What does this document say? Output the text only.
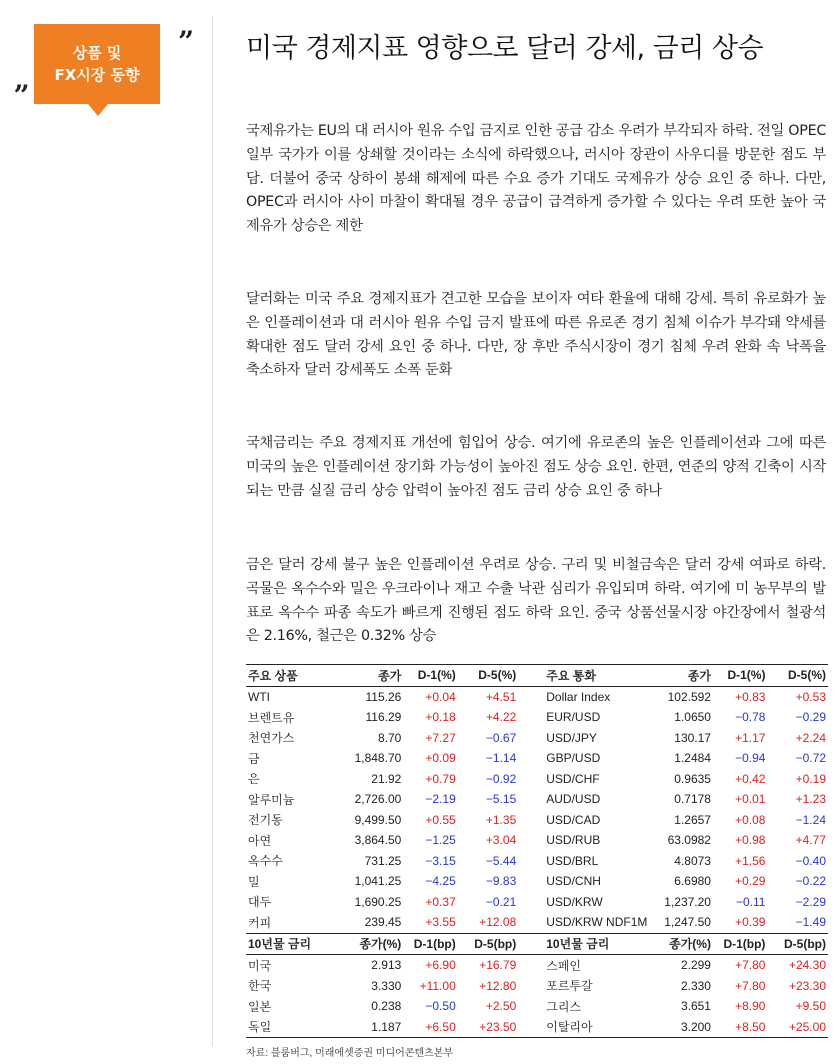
상품 및
FX시장 동향
„
” 미국 경제지표 영향으로 달러 강세, 금리 상승

국제유가는 EU의 대 러시아 원유 수입 금지로 인한 공급 감소 우려가 부각되자 하락. 전일 OPEC 일부 국가가 이를 상쇄할 것이라는 소식에 하락했으나, 러시아 장관이 사우디를 방문한 점도 부담. 더불어 중국 상하이 봉쇄 해제에 따른 수요 증가 기대도 국제유가 상승 요인 중 하나. 다만, OPEC과 러시아 사이 마찰이 확대될 경우 공급이 급격하게 증가할 수 있다는 우려 또한 높아 국제유가 상승은 제한

달러화는 미국 주요 경제지표가 견고한 모습을 보이자 여타 환율에 대해 강세. 특히 유로화가 높은 인플레이션과 대 러시아 원유 수입 금지 발표에 따른 유로존 경기 침체 이슈가 부각돼 약세를 확대한 점도 달러 강세 요인 중 하나. 다만, 장 후반 주식시장이 경기 침체 우려 완화 속 낙폭을 축소하자 달러 강세폭도 소폭 둔화

국채금리는 주요 경제지표 개선에 힘입어 상승. 여기에 유로존의 높은 인플레이션과 그에 따른 미국의 높은 인플레이션 장기화 가능성이 높아진 점도 상승 요인. 한편, 연준의 양적 긴축이 시작되는 만큼 실질 금리 상승 압력이 높아진 점도 금리 상승 요인 중 하나

금은 달러 강세 불구 높은 인플레이션 우려로 상승. 구리 및 비철금속은 달러 강세 여파로 하락. 곡물은 옥수수와 밀은 우크라이나 재고 수출 낙관 심리가 유입되며 하락. 여기에 미 농무부의 발표로 옥수수 파종 속도가 빠르게 진행된 점도 하락 요인. 중국 상품선물시장 야간장에서 철광석은 2.16%, 철근은 0.32% 상승

주요 상품	종가	D-1(%)	D-5(%)	주요 통화	종가	D-1(%)	D-5(%)
WTI	115.26	+0.04	+4.51	Dollar Index	102.592	+0.83	+0.53
브렌트유	116.29	+0.18	+4.22	EUR/USD	1.0650	−0.78	−0.29
천연가스	8.70	+7.27	−0.67	USD/JPY	130.17	+1.17	+2.24
금	1,848.70	+0.09	−1.14	GBP/USD	1.2484	−0.94	−0.72
은	21.92	+0.79	−0.92	USD/CHF	0.9635	+0.42	+0.19
알루미늄	2,726.00	−2.19	−5.15	AUD/USD	0.7178	+0.01	+1.23
전기동	9,499.50	+0.55	+1.35	USD/CAD	1.2657	+0.08	−1.24
아연	3,864.50	−1.25	+3.04	USD/RUB	63.0982	+0.98	+4.77
옥수수	731.25	−3.15	−5.44	USD/BRL	4.8073	+1.56	−0.40
밀	1,041.25	−4.25	−9.83	USD/CNH	6.6980	+0.29	−0.22
대두	1,690.25	+0.37	−0.21	USD/KRW	1,237.20	−0.11	−2.29
커피	239.45	+3.55	+12.08	USD/KRW NDF1M	1,247.50	+0.39	−1.49
10년물 금리	종가(%)	D-1(bp)	D-5(bp)	10년물 금리	종가(%)	D-1(bp)	D-5(bp)
미국	2.913	+6.90	+16.79	스페인	2.299	+7.80	+24.30
한국	3.330	+11.00	+12.80	포르투갈	2.330	+7.80	+23.30
일본	0.238	−0.50	+2.50	그리스	3.651	+8.90	+9.50
독일	1.187	+6.50	+23.50	이탈리아	3.200	+8.50	+25.00
자료: 블룸버그, 미래에셋증권 미디어콘텐츠본부
